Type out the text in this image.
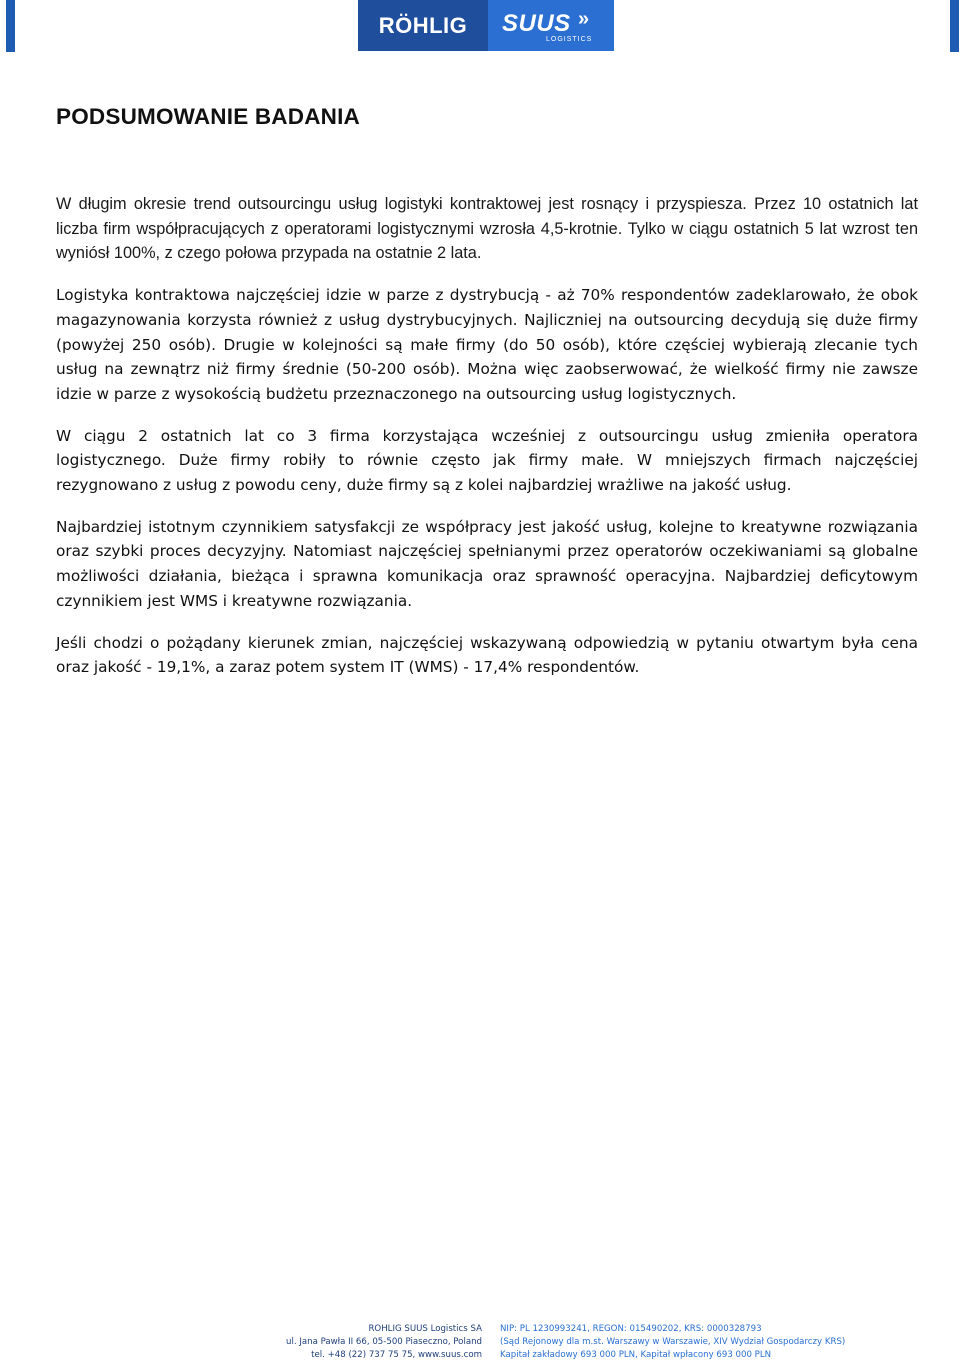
RÖHLIG SUUS »
LOGISTICS
PODSUMOWANIE BADANIA

W długim okresie trend outsourcingu usług logistyki kontraktowej jest rosnący i przyspiesza. Przez 10 ostatnich lat liczba firm współpracujących z operatorami logistycznymi wzrosła 4,5-krotnie. Tylko w ciągu ostatnich 5 lat wzrost ten wyniósł 100%, z czego połowa przypada na ostatnie 2 lata.

Logistyka kontraktowa najczęściej idzie w parze z dystrybucją - aż 70% respondentów zadeklarowało, że obok magazynowania korzysta również z usług dystrybucyjnych. Najliczniej na outsourcing decydują się duże firmy (powyżej 250 osób). Drugie w kolejności są małe firmy (do 50 osób), które częściej wybierają zlecanie tych usług na zewnątrz niż firmy średnie (50-200 osób). Można więc zaobserwować, że wielkość firmy nie zawsze idzie w parze z wysokością budżetu przeznaczonego na outsourcing usług logistycznych.

W ciągu 2 ostatnich lat co 3 firma korzystająca wcześniej z outsourcingu usług zmieniła operatora logistycznego. Duże firmy robiły to równie często jak firmy małe. W mniejszych firmach najczęściej rezygnowano z usług z powodu ceny, duże firmy są z kolei najbardziej wrażliwe na jakość usług.

Najbardziej istotnym czynnikiem satysfakcji ze współpracy jest jakość usług, kolejne to kreatywne rozwiązania oraz szybki proces decyzyjny. Natomiast najczęściej spełnianymi przez operatorów oczekiwaniami są globalne możliwości działania, bieżąca i sprawna komunikacja oraz sprawność operacyjna. Najbardziej deficytowym czynnikiem jest WMS i kreatywne rozwiązania.

Jeśli chodzi o pożądany kierunek zmian, najczęściej wskazywaną odpowiedzią w pytaniu otwartym była cena oraz jakość - 19,1%, a zaraz potem system IT (WMS) - 17,4% respondentów.

ROHLIG SUUS Logistics SA
ul. Jana Pawła II 66, 05-500 Piaseczno, Poland
tel. +48 (22) 737 75 75, www.suus.com
NIP: PL 1230993241, REGON: 015490202, KRS: 0000328793
(Sąd Rejonowy dla m.st. Warszawy w Warszawie, XIV Wydział Gospodarczy KRS)
Kapitał zakładowy 693 000 PLN, Kapitał wpłacony 693 000 PLN
